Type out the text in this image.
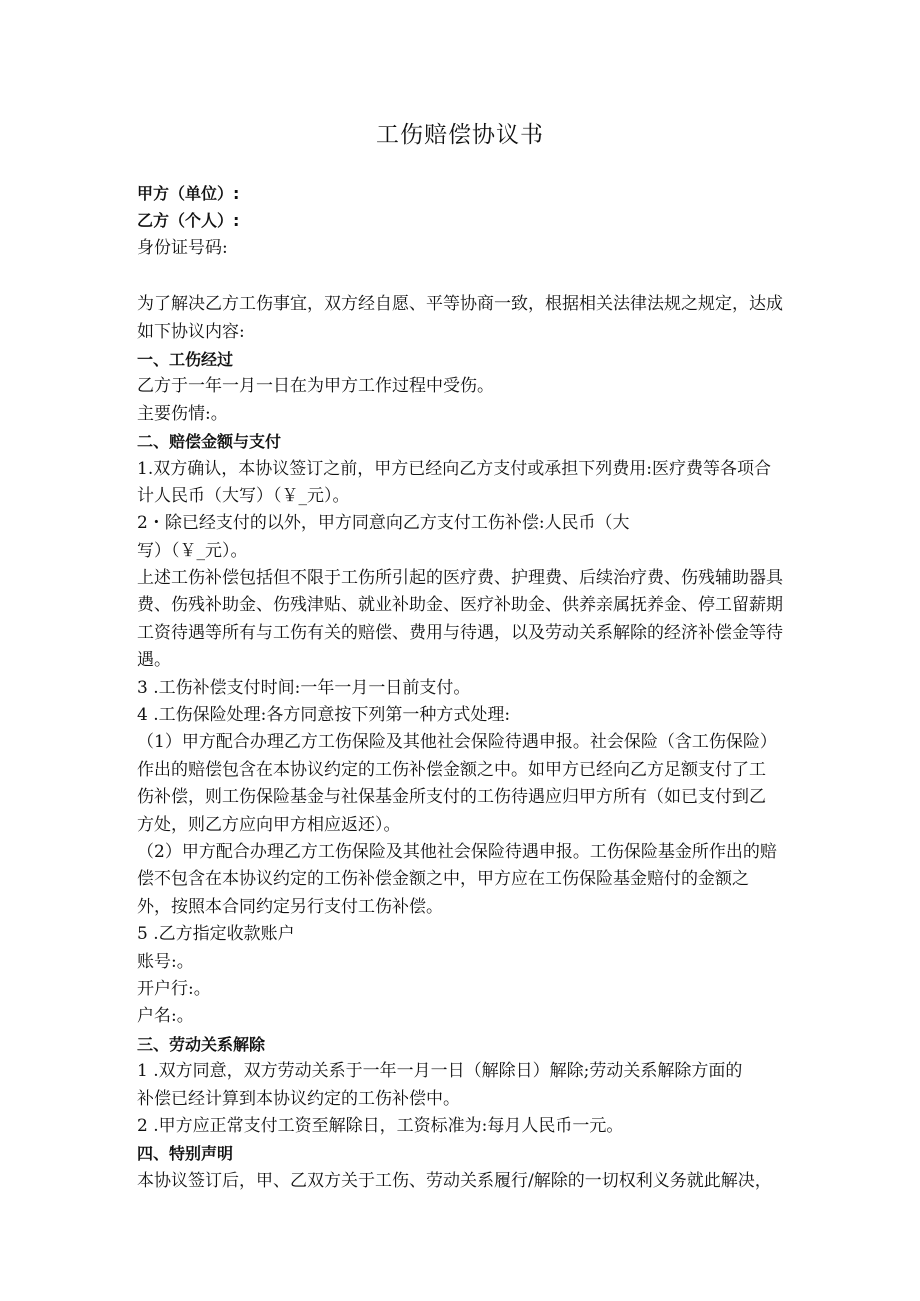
工伤赔偿协议书
甲方（单位）:
乙方（个人）:
身份证号码:
为了解决乙方工伤事宜，双方经自愿、平等协商一致，根据相关法律法规之规定，达成
如下协议内容:
一、工伤经过
乙方于一年一月一日在为甲方工作过程中受伤。
主要伤情:。
二、赔偿金额与支付
1.双方确认，本协议签订之前，甲方已经向乙方支付或承担下列费用:医疗费等各项合
计人民币（大写）（￥_元）。
2・除已经支付的以外，甲方同意向乙方支付工伤补偿:人民币（大
写）（￥_元）。
上述工伤补偿包括但不限于工伤所引起的医疗费、护理费、后续治疗费、伤残辅助器具
费、伤残补助金、伤残津贴、就业补助金、医疗补助金、供养亲属抚养金、停工留薪期
工资待遇等所有与工伤有关的赔偿、费用与待遇，以及劳动关系解除的经济补偿金等待
遇。
3 .工伤补偿支付时间:一年一月一日前支付。
4 .工伤保险处理:各方同意按下列第一种方式处理:
（1）甲方配合办理乙方工伤保险及其他社会保险待遇申报。社会保险（含工伤保险）
作出的赔偿包含在本协议约定的工伤补偿金额之中。如甲方已经向乙方足额支付了工
伤补偿，则工伤保险基金与社保基金所支付的工伤待遇应归甲方所有（如已支付到乙
方处，则乙方应向甲方相应返还）。
（2）甲方配合办理乙方工伤保险及其他社会保险待遇申报。工伤保险基金所作出的赔
偿不包含在本协议约定的工伤补偿金额之中，甲方应在工伤保险基金赔付的金额之
外，按照本合同约定另行支付工伤补偿。
5 .乙方指定收款账户
账号:。
开户行:。
户名:。
三、劳动关系解除
1 .双方同意，双方劳动关系于一年一月一日（解除日）解除;劳动关系解除方面的
补偿已经计算到本协议约定的工伤补偿中。
2 .甲方应正常支付工资至解除日，工资标准为:每月人民币一元。
四、特别声明
本协议签订后，甲、乙双方关于工伤、劳动关系履行/解除的一切权利义务就此解决，
